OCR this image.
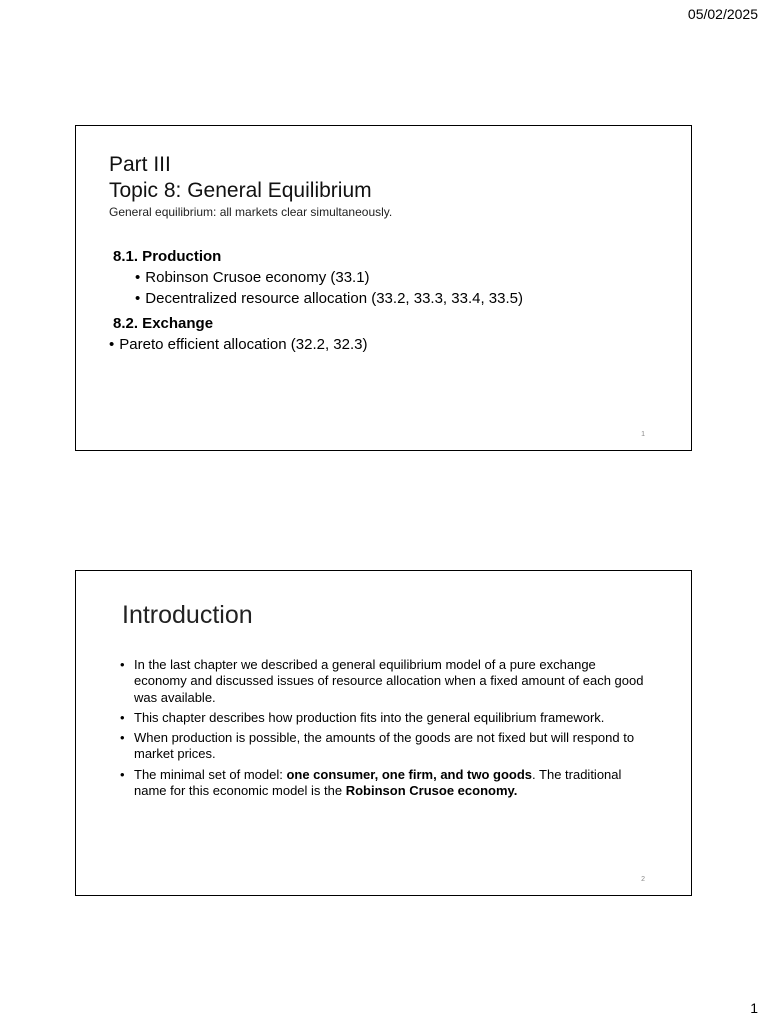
05/02/2025
Part III
Topic 8: General Equilibrium
General equilibrium: all markets clear simultaneously.
8.1. Production
• Robinson Crusoe economy (33.1)
• Decentralized resource allocation (33.2, 33.3, 33.4, 33.5)
8.2. Exchange
• Pareto efficient allocation (32.2, 32.3)
1
Introduction
• In the last chapter we described a general equilibrium model of a pure exchange economy and discussed issues of resource allocation when a fixed amount of each good was available.
• This chapter describes how production fits into the general equilibrium framework.
• When production is possible, the amounts of the goods are not fixed but will respond to market prices.
• The minimal set of model: one consumer, one firm, and two goods. The traditional name for this economic model is the Robinson Crusoe economy.
2
1
